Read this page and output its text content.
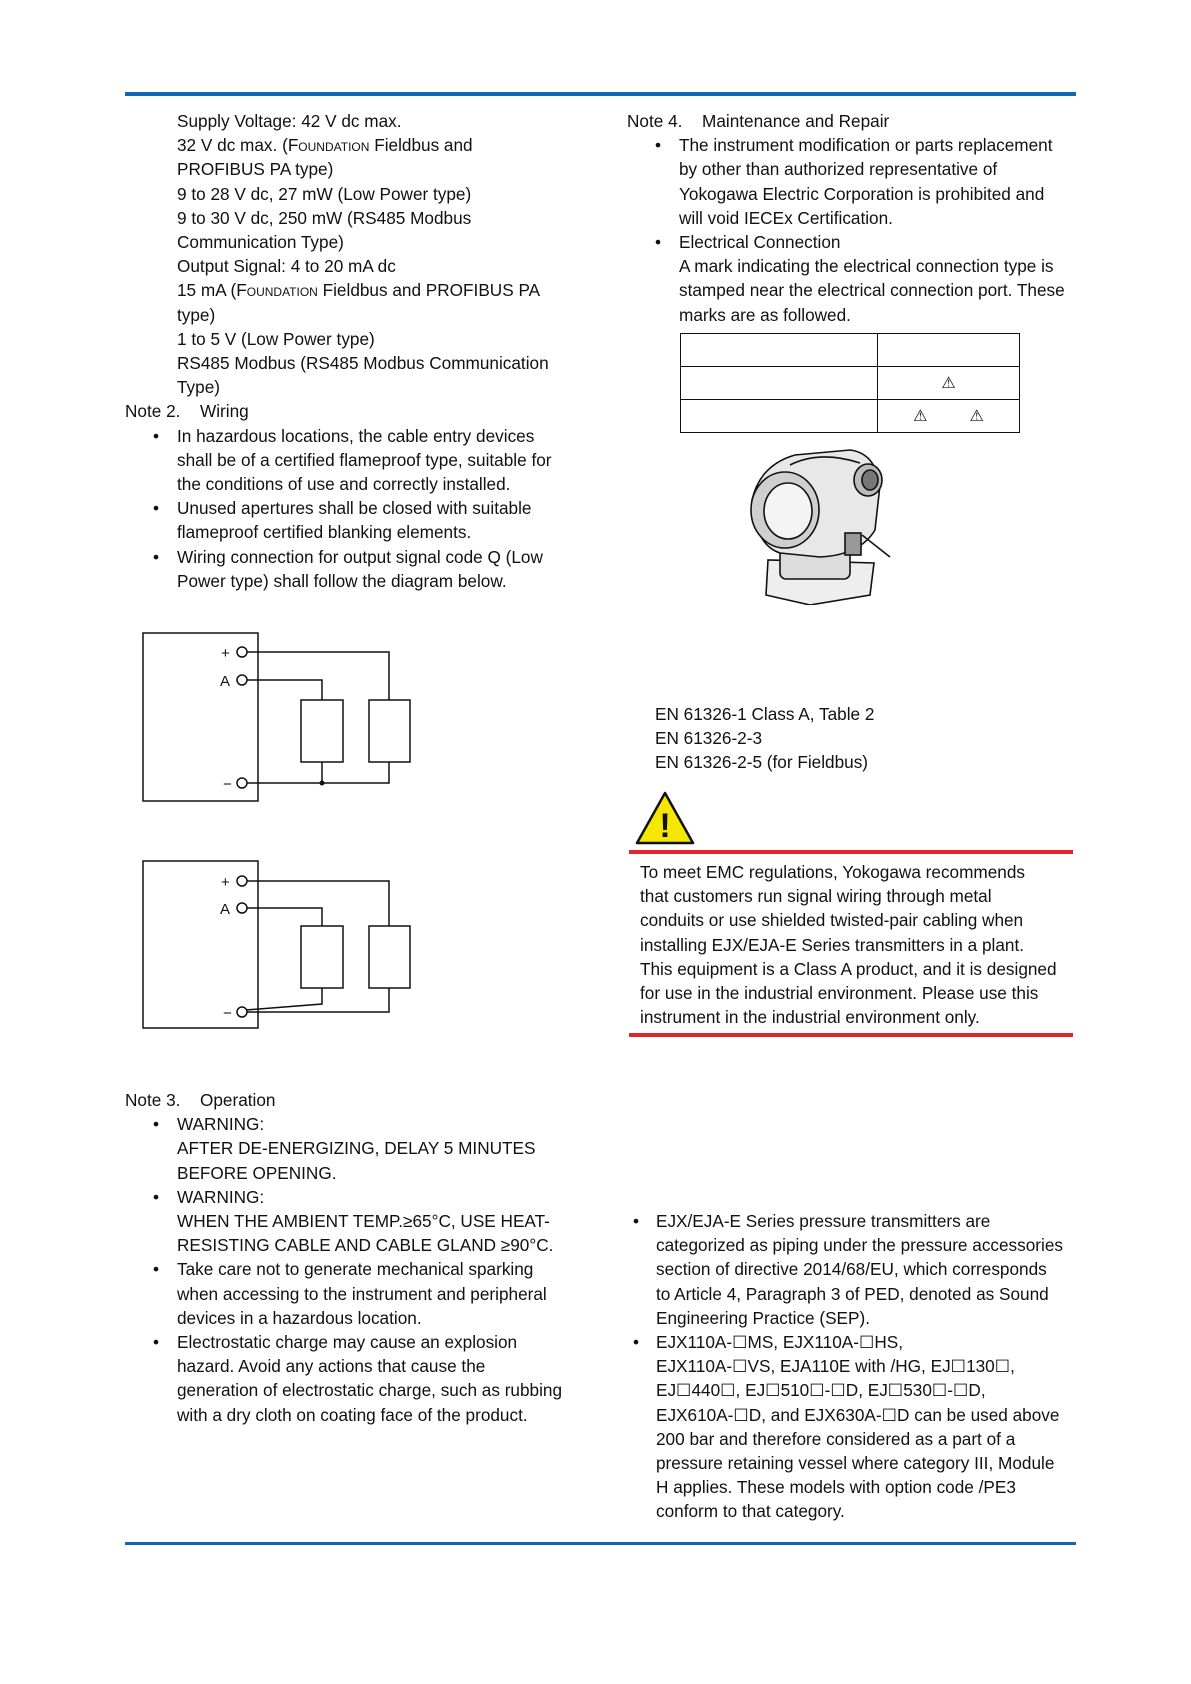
Supply Voltage: 42 V dc max.
32 V dc max. (Foundation Fieldbus and
PROFIBUS PA type)
9 to 28 V dc, 27 mW (Low Power type)
9 to 30 V dc, 250 mW (RS485 Modbus
Communication Type)
Output Signal: 4 to 20 mA dc
15 mA (Foundation Fieldbus and PROFIBUS PA
type)
1 to 5 V (Low Power type)
RS485 Modbus (RS485 Modbus Communication
Type)
Note 2. Wiring
• In hazardous locations, the cable entry devices
shall be of a certified flameproof type, suitable for
the conditions of use and correctly installed.
• Unused apertures shall be closed with suitable
flameproof certified blanking elements.
• Wiring connection for output signal code Q (Low
Power type) shall follow the diagram below.
+
A
−
+
A
−
Note 3. Operation
• WARNING:
AFTER DE-ENERGIZING, DELAY 5 MINUTES
BEFORE OPENING.
• WARNING:
WHEN THE AMBIENT TEMP.≥65°C, USE HEAT-
RESISTING CABLE AND CABLE GLAND ≥90°C.
• Take care not to generate mechanical sparking
when accessing to the instrument and peripheral
devices in a hazardous location.
• Electrostatic charge may cause an explosion
hazard. Avoid any actions that cause the
generation of electrostatic charge, such as rubbing
with a dry cloth on coating face of the product.
Note 4. Maintenance and Repair
• The instrument modification or parts replacement
by other than authorized representative of
Yokogawa Electric Corporation is prohibited and
will void IECEx Certification.
• Electrical Connection
A mark indicating the electrical connection type is
stamped near the electrical connection port. These
marks are as followed.

	⚠
	⚠ ⚠
EN 61326-1 Class A, Table 2
EN 61326-2-3
EN 61326-2-5 (for Fieldbus)
!
To meet EMC regulations, Yokogawa recommends
that customers run signal wiring through metal
conduits or use shielded twisted-pair cabling when
installing EJX/EJA-E Series transmitters in a plant.
This equipment is a Class A product, and it is designed
for use in the industrial environment. Please use this
instrument in the industrial environment only.
• EJX/EJA-E Series pressure transmitters are
categorized as piping under the pressure accessories
section of directive 2014/68/EU, which corresponds
to Article 4, Paragraph 3 of PED, denoted as Sound
Engineering Practice (SEP).
• EJX110A-☐MS, EJX110A-☐HS,
EJX110A-☐VS, EJA110E with /HG, EJ☐130☐,
EJ☐440☐, EJ☐510☐-☐D, EJ☐530☐-☐D,
EJX610A-☐D, and EJX630A-☐D can be used above
200 bar and therefore considered as a part of a
pressure retaining vessel where category III, Module
H applies. These models with option code /PE3
conform to that category.
